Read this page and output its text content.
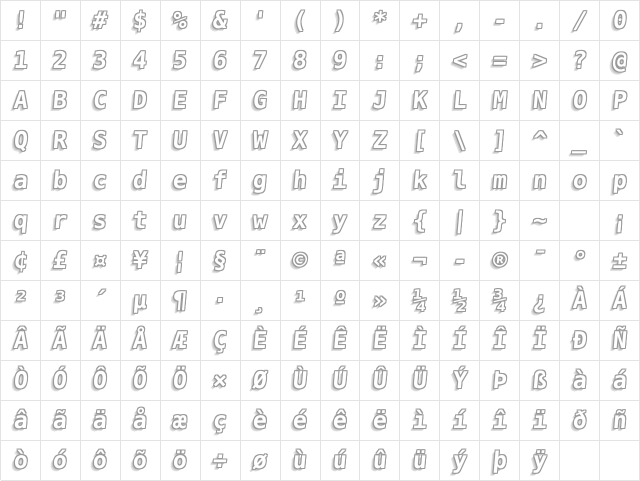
!	"	#	$	%	&	'	(	)	*	+	,	-	.	/	0
1	2	3	4	5	6	7	8	9	:	;	<	=	>	?	@
A	B	C	D	E	F	G	H	I	J	K	L	M	N	O	P
Q	R	S	T	U	V	W	X	Y	Z	[	\	]	^	_	`
a	b	c	d	e	f	g	h	i	j	k	l	m	n	o	p
q	r	s	t	u	v	w	x	y	z	{	|	}	~	¡
¢	£	¤	¥	¦	§	¨	©	ª	«	¬	-	®	¯	°	±
²	³	´	µ	¶	·	¸	¹	º	»	¼	½	¾	¿	À	Á
Â	Ã	Ä	Å	Æ	Ç	È	É	Ê	Ë	Ì	Í	Î	Ï	Ð	Ñ
Ò	Ó	Ô	Õ	Ö	×	Ø	Ù	Ú	Û	Ü	Ý	Þ	ß	à	á
â	ã	ä	å	æ	ç	è	é	ê	ë	ì	í	î	ï	ð	ñ
ò	ó	ô	õ	ö	÷	ø	ù	ú	û	ü	ý	þ	ÿ
